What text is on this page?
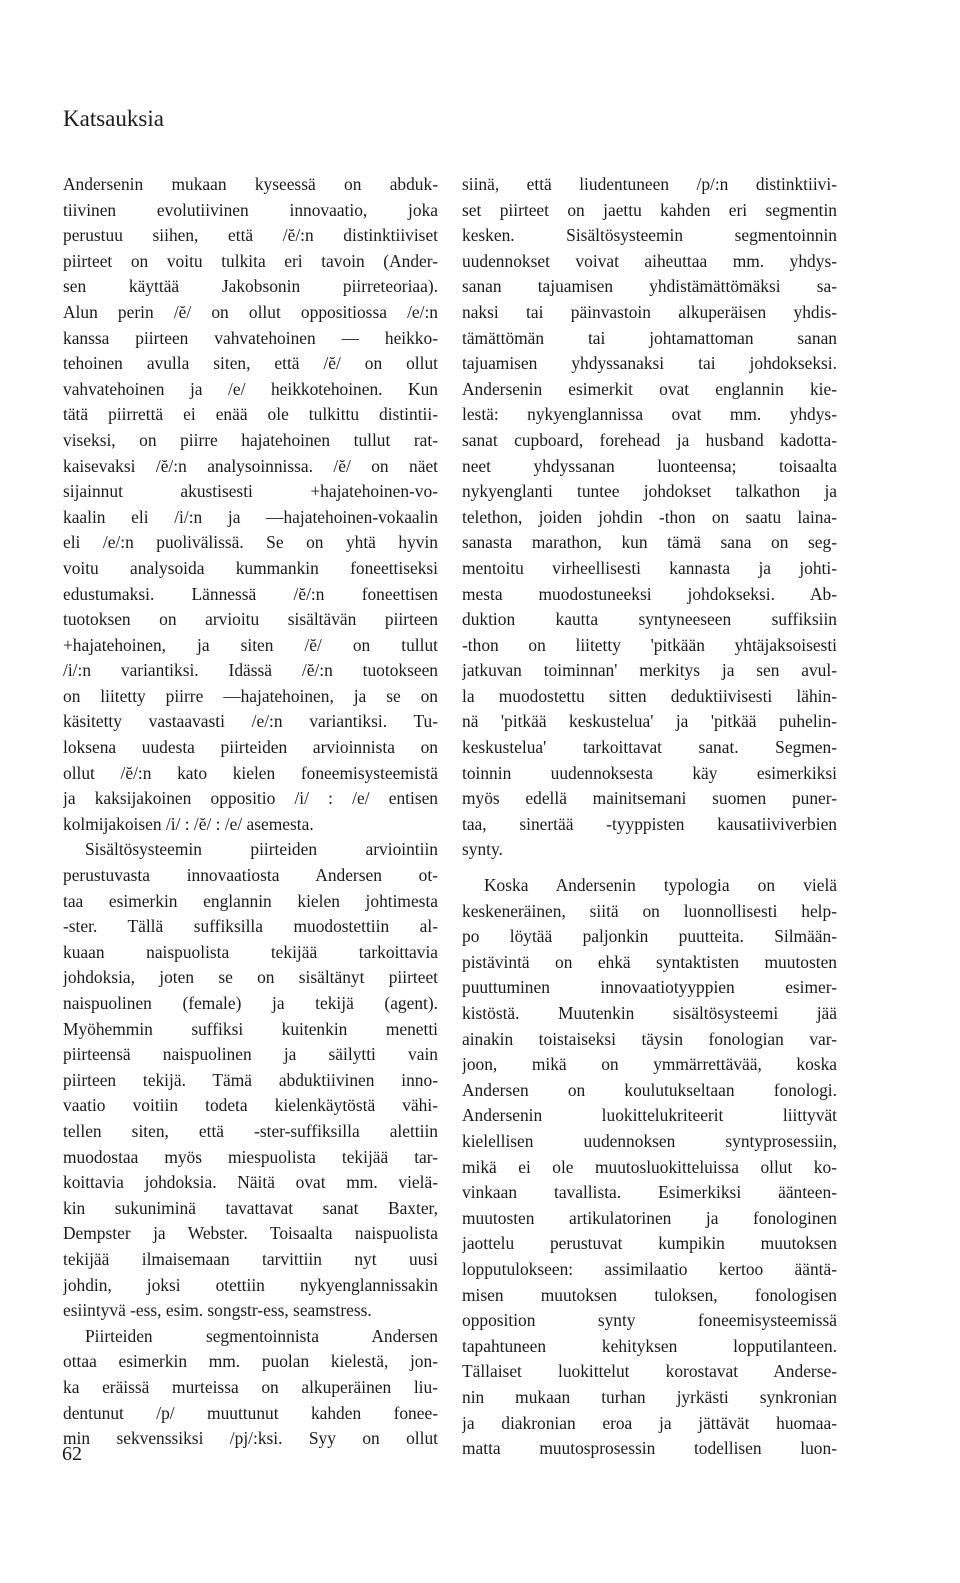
Katsauksia
Andersenin mukaan kyseessä on abduk-
tiivinen evolutiivinen innovaatio, joka
perustuu siihen, että /ĕ/:n distinktiiviset
piirteet on voitu tulkita eri tavoin (Ander-
sen käyttää Jakobsonin piirreteoriaa).
Alun perin /ĕ/ on ollut oppositiossa /e/:n
kanssa piirteen vahvatehoinen — heikko-
tehoinen avulla siten, että /ĕ/ on ollut
vahvatehoinen ja /e/ heikkotehoinen. Kun
tätä piirrettä ei enää ole tulkittu distintii-
viseksi, on piirre hajatehoinen tullut rat-
kaisevaksi /ĕ/:n analysoinnissa. /ĕ/ on näet
sijainnut akustisesti +hajatehoinen-vo-
kaalin eli /i/:n ja —hajatehoinen-vokaalin
eli /e/:n puolivälissä. Se on yhtä hyvin
voitu analysoida kummankin foneettiseksi
edustumaksi. Lännessä /ĕ/:n foneettisen
tuotoksen on arvioitu sisältävän piirteen
+hajatehoinen, ja siten /ĕ/ on tullut
/i/:n variantiksi. Idässä /ĕ/:n tuotokseen
on liitetty piirre —hajatehoinen, ja se on
käsitetty vastaavasti /e/:n variantiksi. Tu-
loksena uudesta piirteiden arvioinnista on
ollut /ĕ/:n kato kielen foneemisysteemistä
ja kaksijakoinen oppositio /i/ : /e/ entisen
kolmijakoisen /i/ : /ĕ/ : /e/ asemesta.
Sisältösysteemin piirteiden arviointiin
perustuvasta innovaatiosta Andersen ot-
taa esimerkin englannin kielen johtimesta
-ster. Tällä suffiksilla muodostettiin al-
kuaan naispuolista tekijää tarkoittavia
johdoksia, joten se on sisältänyt piirteet
naispuolinen (female) ja tekijä (agent).
Myöhemmin suffiksi kuitenkin menetti
piirteensä naispuolinen ja säilytti vain
piirteen tekijä. Tämä abduktiivinen inno-
vaatio voitiin todeta kielenkäytöstä vähi-
tellen siten, että -ster-suffiksilla alettiin
muodostaa myös miespuolista tekijää tar-
koittavia johdoksia. Näitä ovat mm. vielä-
kin sukuniminä tavattavat sanat Baxter,
Dempster ja Webster. Toisaalta naispuolista
tekijää ilmaisemaan tarvittiin nyt uusi
johdin, joksi otettiin nykyenglannissakin
esiintyvä -ess, esim. songstr-ess, seamstress.
Piirteiden segmentoinnista Andersen
ottaa esimerkin mm. puolan kielestä, jon-
ka eräissä murteissa on alkuperäinen liu-
dentunut /p/ muuttunut kahden fonee-
min sekvenssiksi /pj/:ksi. Syy on ollut
siinä, että liudentuneen /p/:n distinktiivi-
set piirteet on jaettu kahden eri segmentin
kesken. Sisältösysteemin segmentoinnin
uudennokset voivat aiheuttaa mm. yhdys-
sanan tajuamisen yhdistämättömäksi sa-
naksi tai päinvastoin alkuperäisen yhdis-
tämättömän tai johtamattoman sanan
tajuamisen yhdyssanaksi tai johdokseksi.
Andersenin esimerkit ovat englannin kie-
lestä: nykyenglannissa ovat mm. yhdys-
sanat cupboard, forehead ja husband kadotta-
neet yhdyssanan luonteensa; toisaalta
nykyenglanti tuntee johdokset talkathon ja
telethon, joiden johdin -thon on saatu laina-
sanasta marathon, kun tämä sana on seg-
mentoitu virheellisesti kannasta ja johti-
mesta muodostuneeksi johdokseksi. Ab-
duktion kautta syntyneeseen suffiksiin
-thon on liitetty 'pitkään yhtäjaksoisesti
jatkuvan toiminnan' merkitys ja sen avul-
la muodostettu sitten deduktiivisesti lähin-
nä 'pitkää keskustelua' ja 'pitkää puhelin-
keskustelua' tarkoittavat sanat. Segmen-
toinnin uudennoksesta käy esimerkiksi
myös edellä mainitsemani suomen puner-
taa, sinertää -tyyppisten kausatiiviverbien
synty.
Koska Andersenin typologia on vielä
keskeneräinen, siitä on luonnollisesti help-
po löytää paljonkin puutteita. Silmään-
pistävintä on ehkä syntaktisten muutosten
puuttuminen innovaatiotyyppien esimer-
kistöstä. Muutenkin sisältösysteemi jää
ainakin toistaiseksi täysin fonologian var-
joon, mikä on ymmärrettävää, koska
Andersen on koulutukseltaan fonologi.
Andersenin luokittelukriteerit liittyvät
kielellisen uudennoksen syntyprosessiin,
mikä ei ole muutosluokitteluissa ollut ko-
vinkaan tavallista. Esimerkiksi äänteen-
muutosten artikulatorinen ja fonologinen
jaottelu perustuvat kumpikin muutoksen
lopputulokseen: assimilaatio kertoo ääntä-
misen muutoksen tuloksen, fonologisen
opposition synty foneemisysteemissä
tapahtuneen kehityksen lopputilanteen.
Tällaiset luokittelut korostavat Anderse-
nin mukaan turhan jyrkästi synkronian
ja diakronian eroa ja jättävät huomaa-
matta muutosprosessin todellisen luon-
62
